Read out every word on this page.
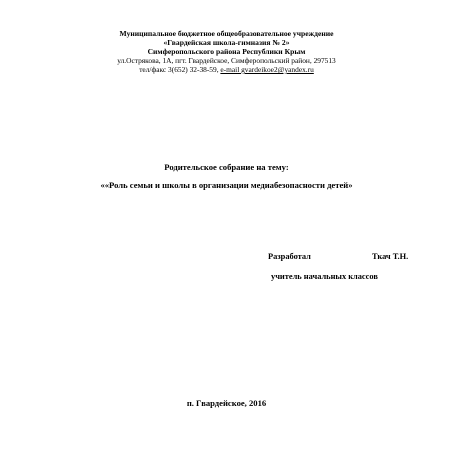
Муниципальное бюджетное общеобразовательное учреждение
«Гвардейская школа-гимназия № 2»
Симферопольского района Республики Крым
ул.Острякова, 1А, пгт. Гвардейское, Симферопольский район, 297513
тел/факс 3(652) 32-38-59, e-mail gvardeikoe2@yandex.ru
Родительское собрание на тему:
««Роль семьи и школы в организации медиабезопасности детей»
Разработал	Ткач Т.Н.
учитель начальных классов
п. Гвардейское, 2016
